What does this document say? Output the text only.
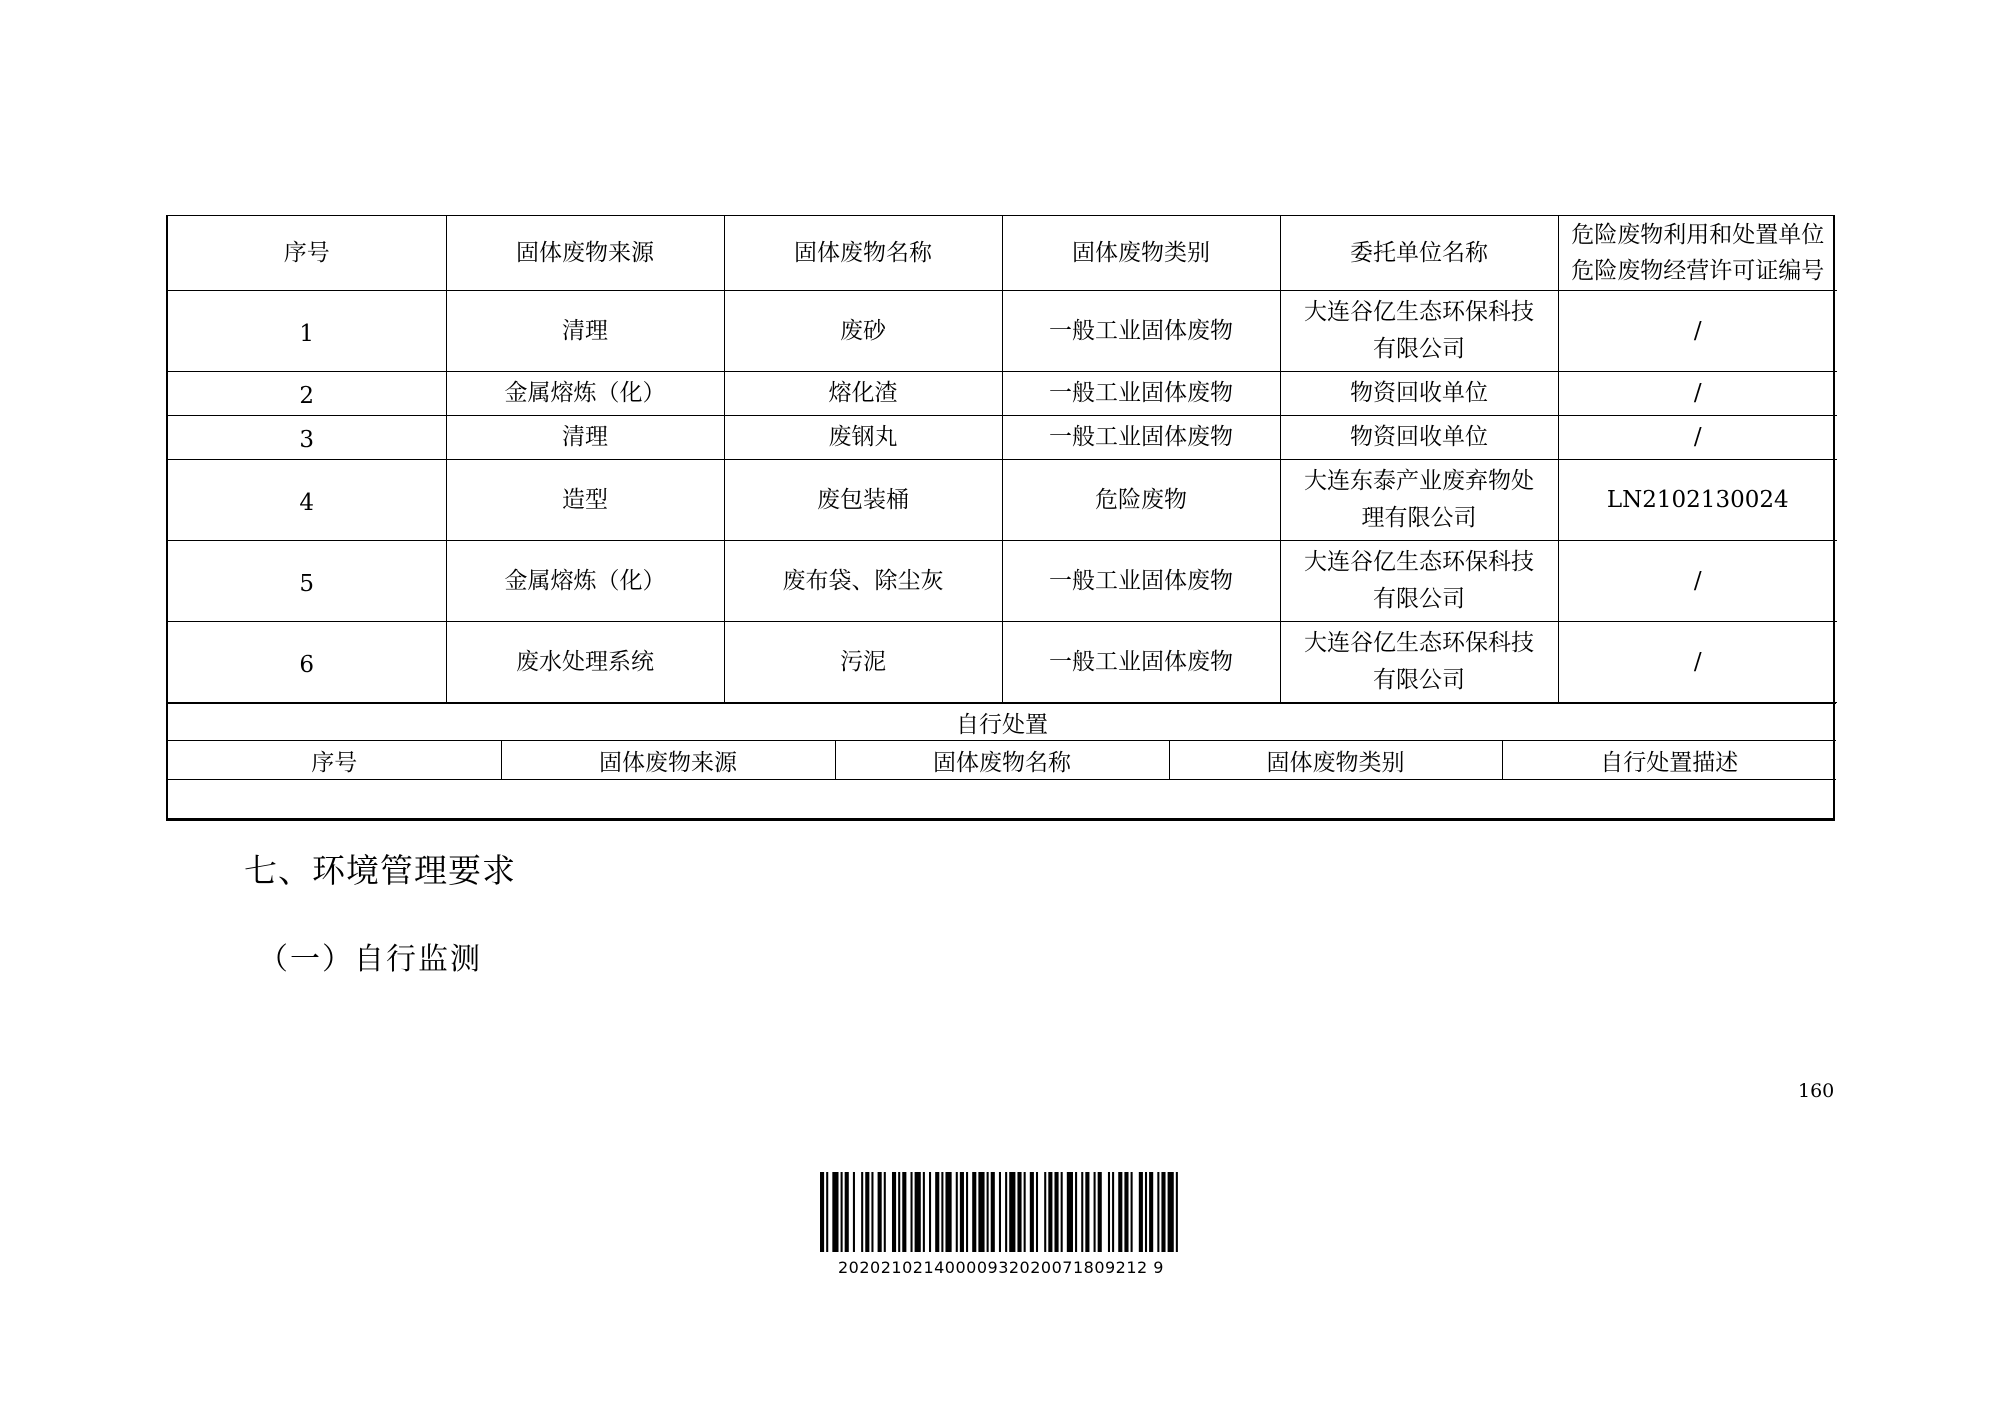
序号	固体废物来源	固体废物名称	固体废物类别	委托单位名称	危险废物利用和处置单位
危险废物经营许可证编号

1	清理	废砂	一般工业固体废物	大连谷亿生态环保科技
有限公司	/
2	金属熔炼（化）	熔化渣	一般工业固体废物	物资回收单位	/
3	清理	废钢丸	一般工业固体废物	物资回收单位	/
4	造型	废包装桶	危险废物	大连东泰产业废弃物处
理有限公司	LN2102130024
5	金属熔炼（化）	废布袋、除尘灰	一般工业固体废物	大连谷亿生态环保科技
有限公司	/
6	废水处理系统	污泥	一般工业固体废物	大连谷亿生态环保科技
有限公司	/
自行处置
序号	固体废物来源	固体废物名称	固体废物类别	自行处置描述

七、环境管理要求
（一）自行监测
160
20202102140000932020071809212 9
